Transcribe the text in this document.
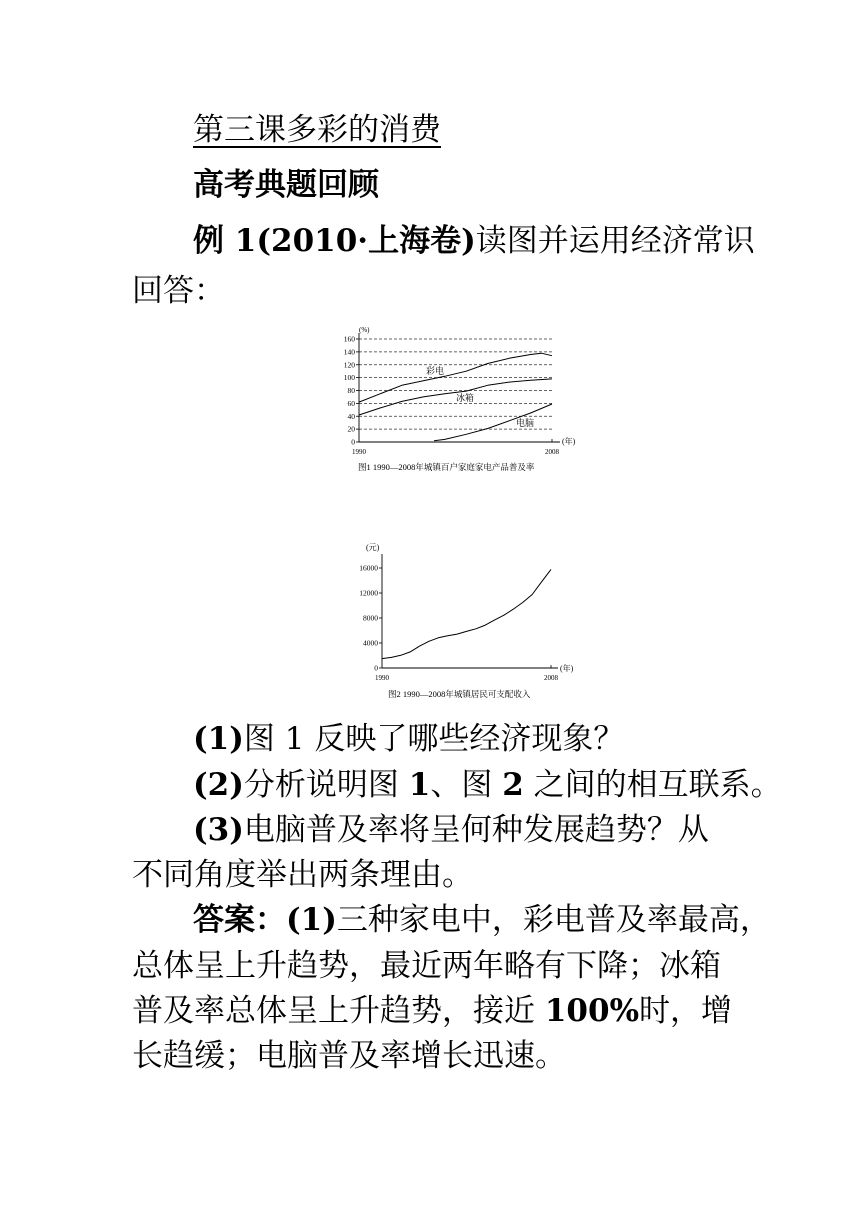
第三课多彩的消费
高考典题回顾
例 1(2010·上海卷)读图并运用经济常识
回答：
0
20
40
60
80
100
120
140
160
(%)
(年)
1990	2008
彩电
冰箱
电脑
图1 1990—2008年城镇百户家庭家电产品普及率
0
4000
8000
12000
16000
(元)
(年)
1990	2008
图2 1990—2008年城镇居民可支配收入
(1)图 1 反映了哪些经济现象？
(2)分析说明图 1、图 2 之间的相互联系。
(3)电脑普及率将呈何种发展趋势？从
不同角度举出两条理由。
答案：(1)三种家电中，彩电普及率最高，
总体呈上升趋势，最近两年略有下降；冰箱
普及率总体呈上升趋势，接近 100%时，增
长趋缓；电脑普及率增长迅速。
